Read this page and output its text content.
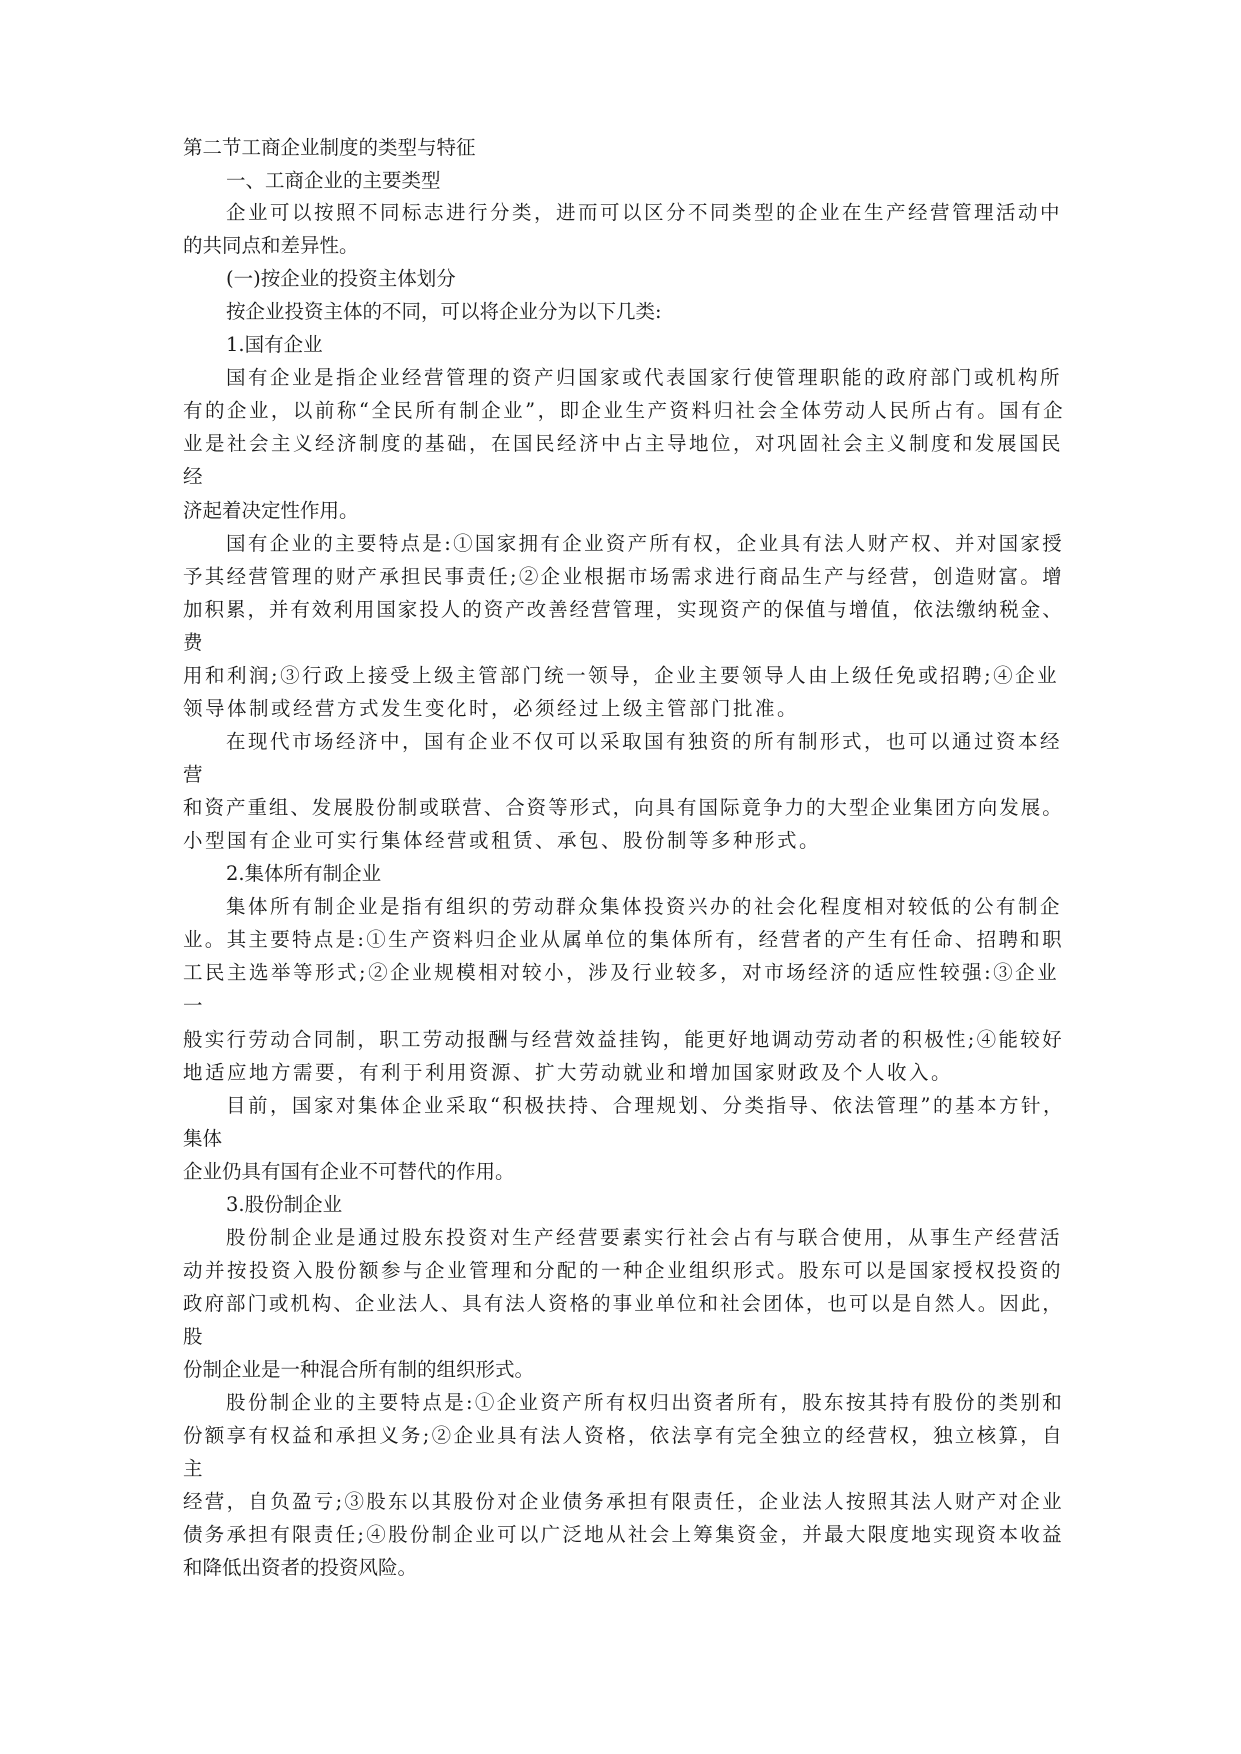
第二节工商企业制度的类型与特征
一、工商企业的主要类型
企业可以按照不同标志进行分类，进而可以区分不同类型的企业在生产经营管理活动中
的共同点和差异性。
(一)按企业的投资主体划分
按企业投资主体的不同，可以将企业分为以下几类:
1.国有企业
国有企业是指企业经营管理的资产归国家或代表国家行使管理职能的政府部门或机构所
有的企业，以前称“全民所有制企业”，即企业生产资料归社会全体劳动人民所占有。国有企
业是社会主义经济制度的基础，在国民经济中占主导地位，对巩固社会主义制度和发展国民
经
济起着决定性作用。
国有企业的主要特点是:①国家拥有企业资产所有权，企业具有法人财产权、并对国家授
予其经营管理的财产承担民事责任;②企业根据市场需求进行商品生产与经营，创造财富。增
加积累，并有效利用国家投人的资产改善经营管理，实现资产的保值与增值，依法缴纳税金、
费
用和利润;③行政上接受上级主管部门统一领导，企业主要领导人由上级任免或招聘;④企业
领导体制或经营方式发生变化时，必须经过上级主管部门批准。
在现代市场经济中，国有企业不仅可以采取国有独资的所有制形式，也可以通过资本经
营
和资产重组、发展股份制或联营、合资等形式，向具有国际竟争力的大型企业集团方向发展。
小型国有企业可实行集体经营或租赁、承包、股份制等多种形式。
2.集体所有制企业
集体所有制企业是指有组织的劳动群众集体投资兴办的社会化程度相对较低的公有制企
业。其主要特点是:①生产资料归企业从属单位的集体所有，经营者的产生有任命、招聘和职
工民主选举等形式;②企业规模相对较小，涉及行业较多，对市场经济的适应性较强:③企业
一
般实行劳动合同制，职工劳动报酬与经营效益挂钩，能更好地调动劳动者的积极性;④能较好
地适应地方需要，有利于利用资源、扩大劳动就业和增加国家财政及个人收入。
目前，国家对集体企业采取“积极扶持、合理规划、分类指导、依法管理”的基本方针，
集体
企业仍具有国有企业不可替代的作用。
3.股份制企业
股份制企业是通过股东投资对生产经营要素实行社会占有与联合使用，从事生产经营活
动并按投资入股份额参与企业管理和分配的一种企业组织形式。股东可以是国家授权投资的
政府部门或机构、企业法人、具有法人资格的事业单位和社会团体，也可以是自然人。因此，
股
份制企业是一种混合所有制的组织形式。
股份制企业的主要特点是:①企业资产所有权归出资者所有，股东按其持有股份的类别和
份额享有权益和承担义务;②企业具有法人资格，依法享有完全独立的经营权，独立核算，自
主
经营，自负盈亏;③股东以其股份对企业债务承担有限责任，企业法人按照其法人财产对企业
债务承担有限责任;④股份制企业可以广泛地从社会上筹集资金，并最大限度地实现资本收益
和降低出资者的投资风险。
